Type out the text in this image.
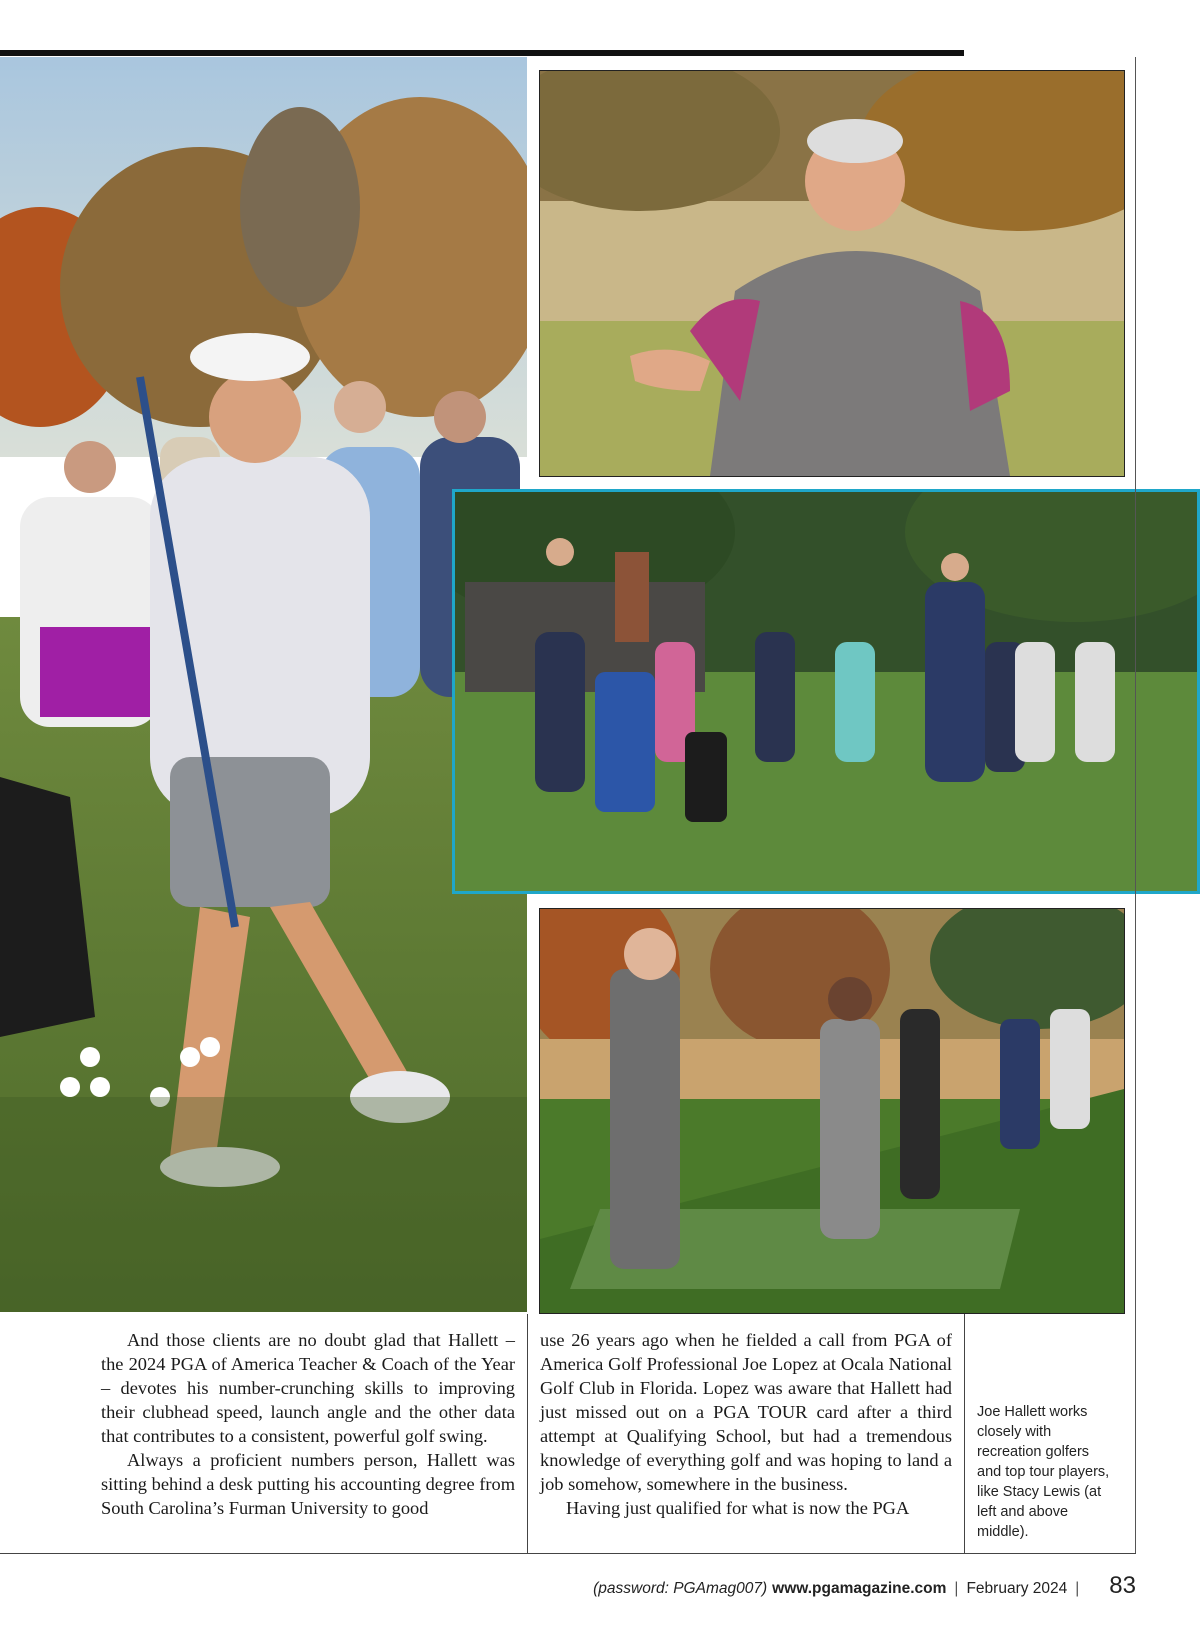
And those clients are no doubt glad that Hallett – the 2024 PGA of America Teacher & Coach of the Year – devotes his number-crunching skills to improving their clubhead speed, launch angle and the other data that contributes to a consistent, powerful golf swing.

Always a proficient numbers person, Hallett was sitting behind a desk putting his accounting degree from South Carolina’s Furman University to good

use 26 years ago when he fielded a call from PGA of America Golf Professional Joe Lopez at Ocala National Golf Club in Florida. Lopez was aware that Hallett had just missed out on a PGA TOUR card after a third attempt at Qualifying School, but had a tremendous knowledge of everything golf and was hoping to land a job somehow, somewhere in the business.

Having just qualified for what is now the PGA

Joe Hallett works closely with recreation golfers and top tour players, like Stacy Lewis (at left and above middle).
(password: PGAmag007) www.pgamagazine.com | February 2024 | 83
